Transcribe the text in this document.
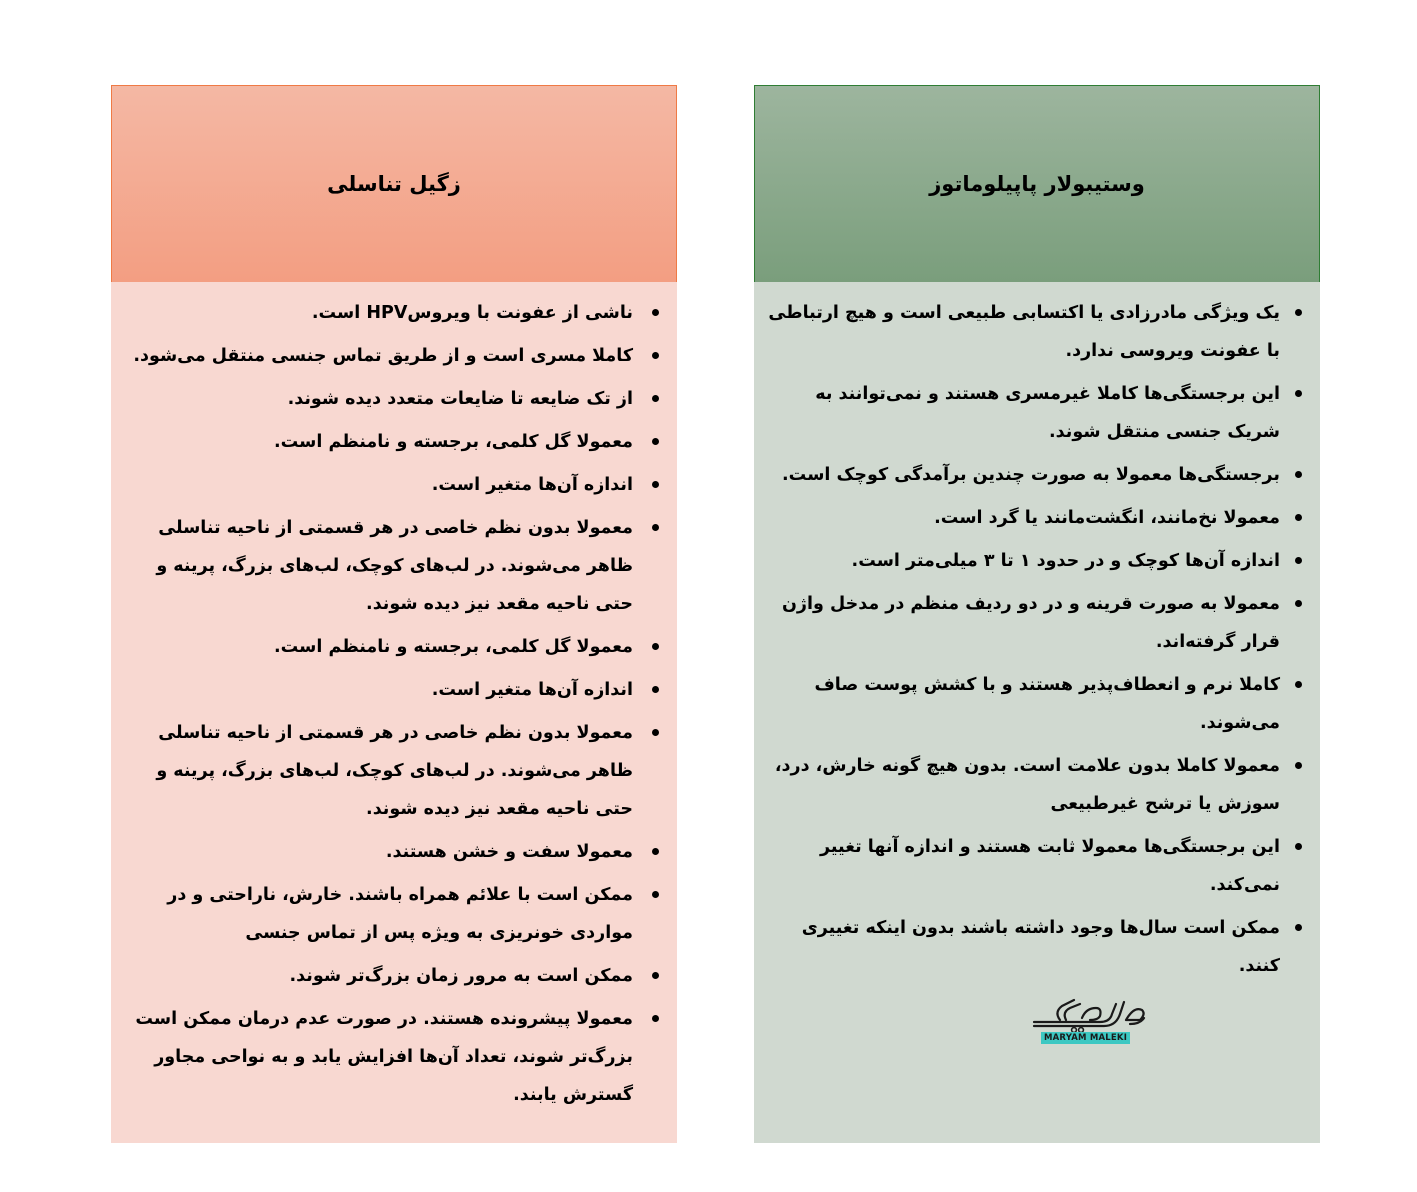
زگیل تناسلی
ناشی از عفونت با ویروسHPV است.
کاملا مسری است و از طریق تماس جنسی منتقل می‌شود.
از تک ضایعه تا ضایعات متعدد دیده شوند.
معمولا گل کلمی، برجسته و نامنظم است.
اندازه آن‌ها متغیر است.
معمولا بدون نظم خاصی در هر قسمتی از ناحیه تناسلی ظاهر می‌شوند. در لب‌های کوچک، لب‌های بزرگ، پرینه و حتی ناحیه مقعد نیز دیده شوند.
معمولا گل کلمی، برجسته و نامنظم است.
اندازه آن‌ها متغیر است.
معمولا بدون نظم خاصی در هر قسمتی از ناحیه تناسلی ظاهر می‌شوند. در لب‌های کوچک، لب‌های بزرگ، پرینه و حتی ناحیه مقعد نیز دیده شوند.
معمولا سفت و خشن هستند.
ممکن است با علائم همراه باشند. خارش، ناراحتی و در مواردی خونریزی به ویژه پس از تماس جنسی
ممکن است به مرور زمان بزرگ‌تر شوند.
معمولا پیشرونده هستند. در صورت عدم درمان ممکن است بزرگ‌تر شوند، تعداد آن‌ها افزایش یابد و به نواحی مجاور گسترش یابند.
وستیبولار پاپیلوماتوز
یک ویژگی مادرزادی یا اکتسابی طبیعی است و هیچ ارتباطی با عفونت ویروسی ندارد.
این برجستگی‌ها کاملا غیرمسری هستند و نمی‌توانند به شریک جنسی منتقل شوند.
برجستگی‌ها معمولا به صورت چندین برآمدگی کوچک است.
معمولا نخ‌مانند، انگشت‌مانند یا گرد است.
اندازه آن‌ها کوچک و در حدود ۱ تا ۳ میلی‌متر است.
معمولا به صورت قرینه و در دو ردیف منظم در مدخل واژن قرار گرفته‌اند.
کاملا نرم و انعطاف‌پذیر هستند و با کشش پوست صاف می‌شوند.
معمولا کاملا بدون علامت است. بدون هیچ گونه خارش، درد، سوزش یا ترشح غیرطبیعی
این برجستگی‌ها معمولا ثابت هستند و اندازه آنها تغییر نمی‌کند.
ممکن است سال‌ها وجود داشته باشند بدون اینکه تغییری کنند.
MARYAM MALEKI
